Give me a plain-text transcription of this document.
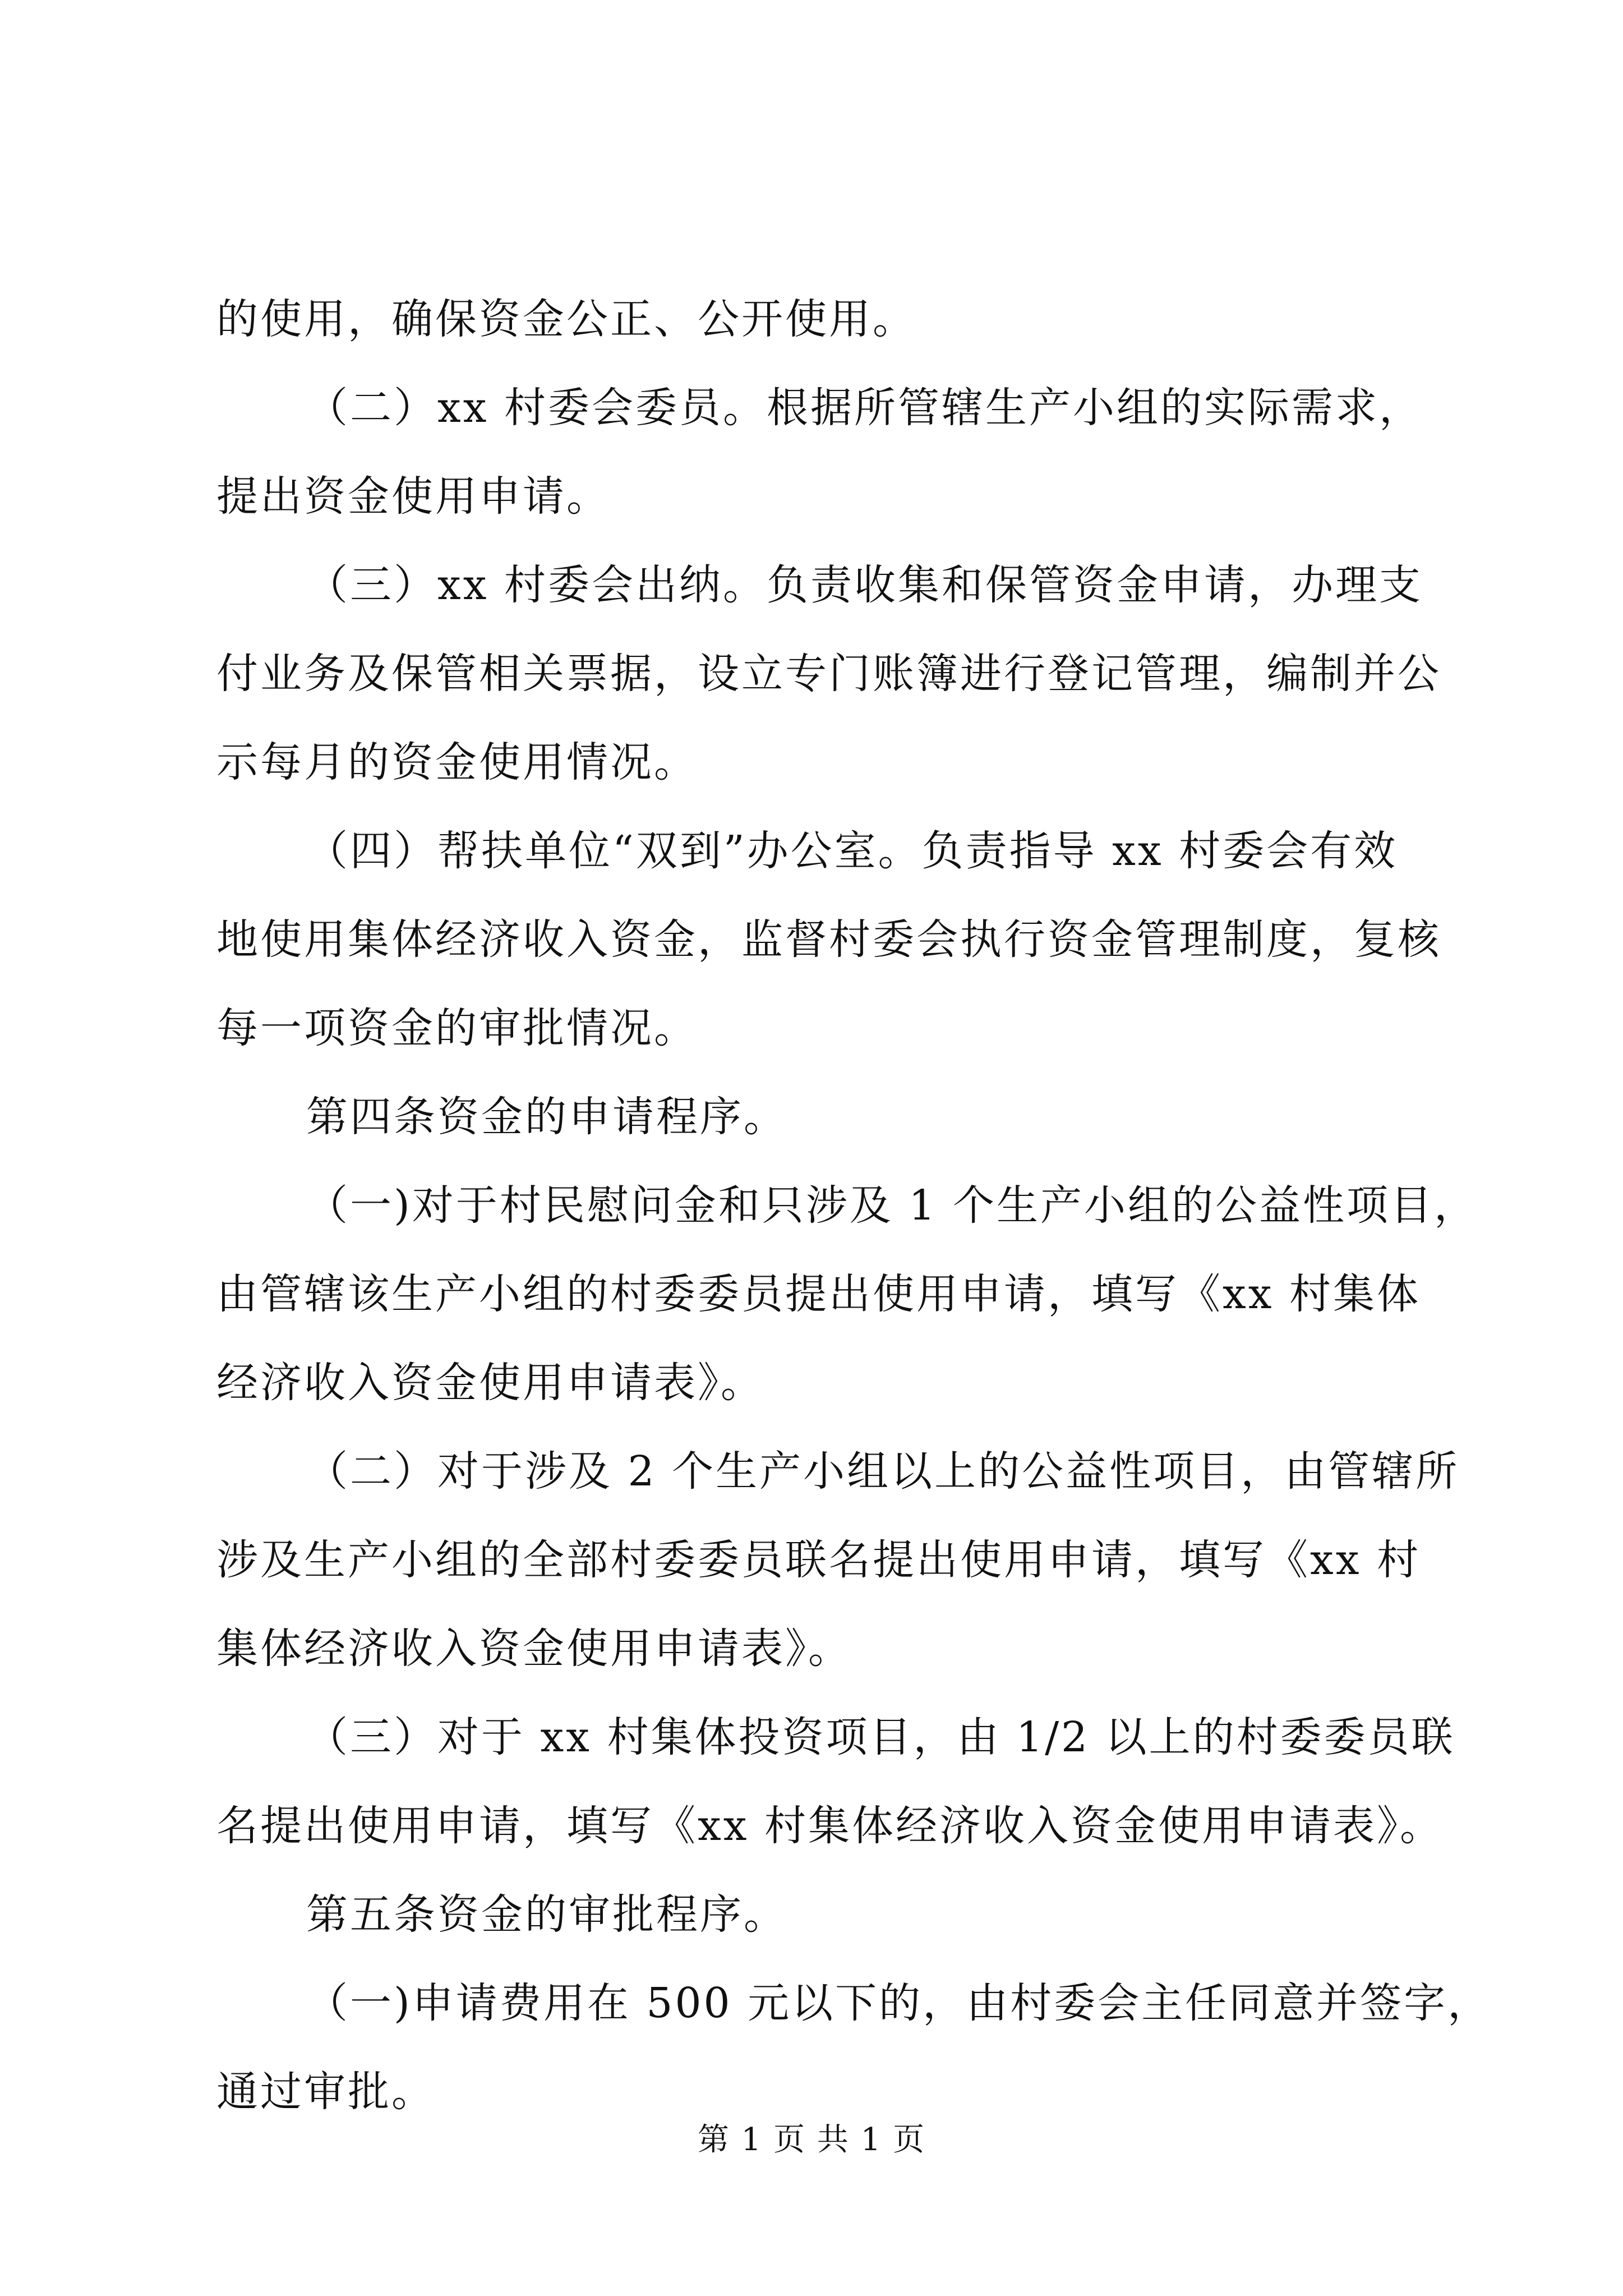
的使用，确保资金公正、公开使用。

（二）xx 村委会委员。根据所管辖生产小组的实际需求，
提出资金使用申请。

（三）xx 村委会出纳。负责收集和保管资金申请，办理支
付业务及保管相关票据，设立专门账簿进行登记管理，编制并公
示每月的资金使用情况。

（四）帮扶单位“双到”办公室。负责指导 xx 村委会有效
地使用集体经济收入资金，监督村委会执行资金管理制度，复核
每一项资金的审批情况。

第四条资金的申请程序。

（一)对于村民慰问金和只涉及 1 个生产小组的公益性项目，
由管辖该生产小组的村委委员提出使用申请，填写《xx 村集体
经济收入资金使用申请表》。

（二）对于涉及 2 个生产小组以上的公益性项目，由管辖所
涉及生产小组的全部村委委员联名提出使用申请，填写《xx 村
集体经济收入资金使用申请表》。

（三）对于 xx 村集体投资项目，由 1/2 以上的村委委员联
名提出使用申请，填写《xx 村集体经济收入资金使用申请表》。

第五条资金的审批程序。

（一)申请费用在 500 元以下的，由村委会主任同意并签字，
通过审批。

第 1 页 共 1 页
